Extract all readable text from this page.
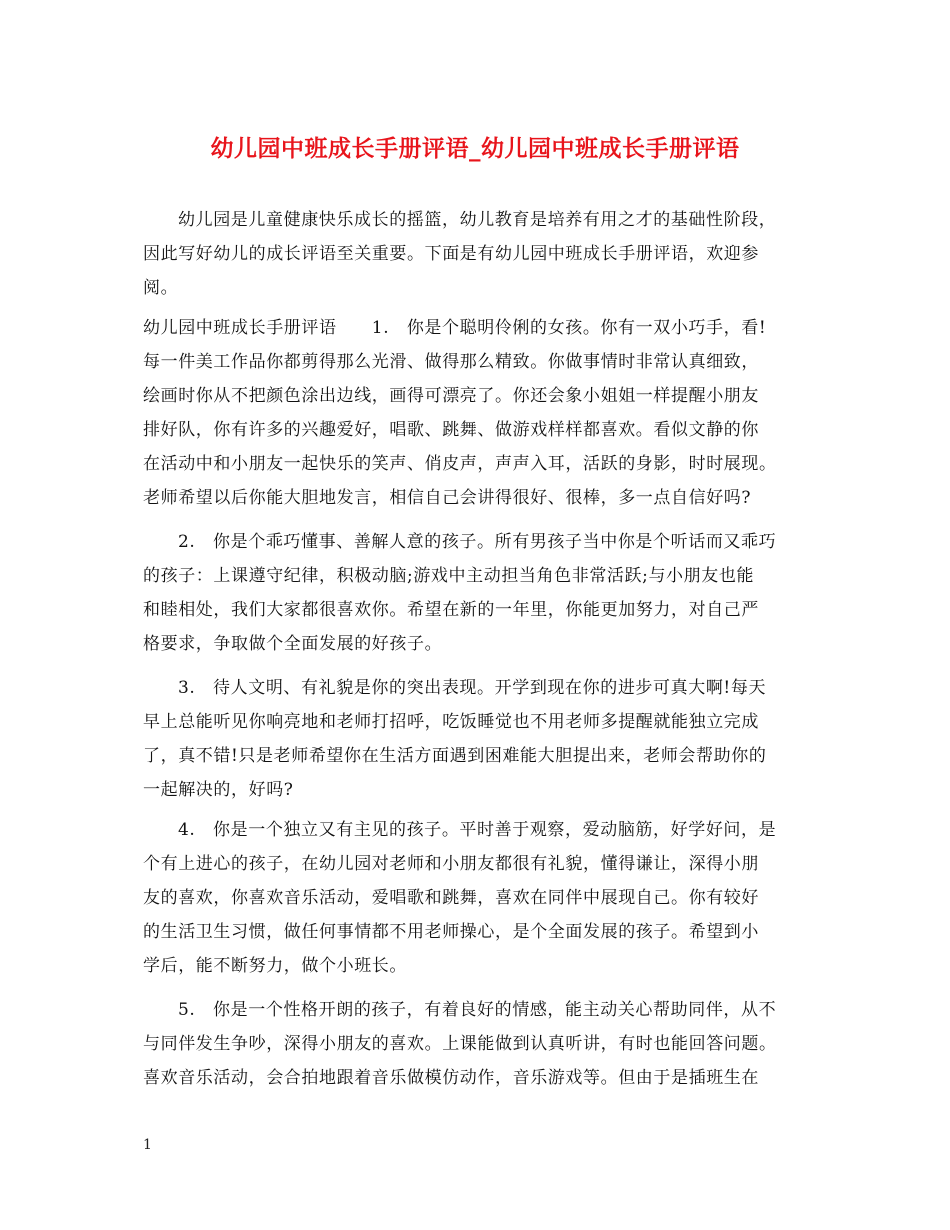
幼儿园中班成长手册评语_幼儿园中班成长手册评语
幼儿园是儿童健康快乐成长的摇篮，幼儿教育是培养有用之才的基础性阶段，
因此写好幼儿的成长评语至关重要。下面是有幼儿园中班成长手册评语，欢迎参
阅。
幼儿园中班成长手册评语　　1.　你是个聪明伶俐的女孩。你有一双小巧手，看!
每一件美工作品你都剪得那么光滑、做得那么精致。你做事情时非常认真细致，
绘画时你从不把颜色涂出边线，画得可漂亮了。你还会象小姐姐一样提醒小朋友
排好队，你有许多的兴趣爱好，唱歌、跳舞、做游戏样样都喜欢。看似文静的你
在活动中和小朋友一起快乐的笑声、俏皮声，声声入耳，活跃的身影，时时展现。
老师希望以后你能大胆地发言，相信自己会讲得很好、很棒，多一点自信好吗?
2.　你是个乖巧懂事、善解人意的孩子。所有男孩子当中你是个听话而又乖巧
的孩子：上课遵守纪律，积极动脑;游戏中主动担当角色非常活跃;与小朋友也能
和睦相处，我们大家都很喜欢你。希望在新的一年里，你能更加努力，对自己严
格要求，争取做个全面发展的好孩子。
3.　待人文明、有礼貌是你的突出表现。开学到现在你的进步可真大啊!每天
早上总能听见你响亮地和老师打招呼，吃饭睡觉也不用老师多提醒就能独立完成
了，真不错!只是老师希望你在生活方面遇到困难能大胆提出来，老师会帮助你的
一起解决的，好吗?
4.　你是一个独立又有主见的孩子。平时善于观察，爱动脑筋，好学好问，是
个有上进心的孩子，在幼儿园对老师和小朋友都很有礼貌，懂得谦让，深得小朋
友的喜欢，你喜欢音乐活动，爱唱歌和跳舞，喜欢在同伴中展现自己。你有较好
的生活卫生习惯，做任何事情都不用老师操心，是个全面发展的孩子。希望到小
学后，能不断努力，做个小班长。
5.　你是一个性格开朗的孩子，有着良好的情感，能主动关心帮助同伴，从不
与同伴发生争吵，深得小朋友的喜欢。上课能做到认真听讲，有时也能回答问题。
喜欢音乐活动，会合拍地跟着音乐做模仿动作，音乐游戏等。但由于是插班生在
1
